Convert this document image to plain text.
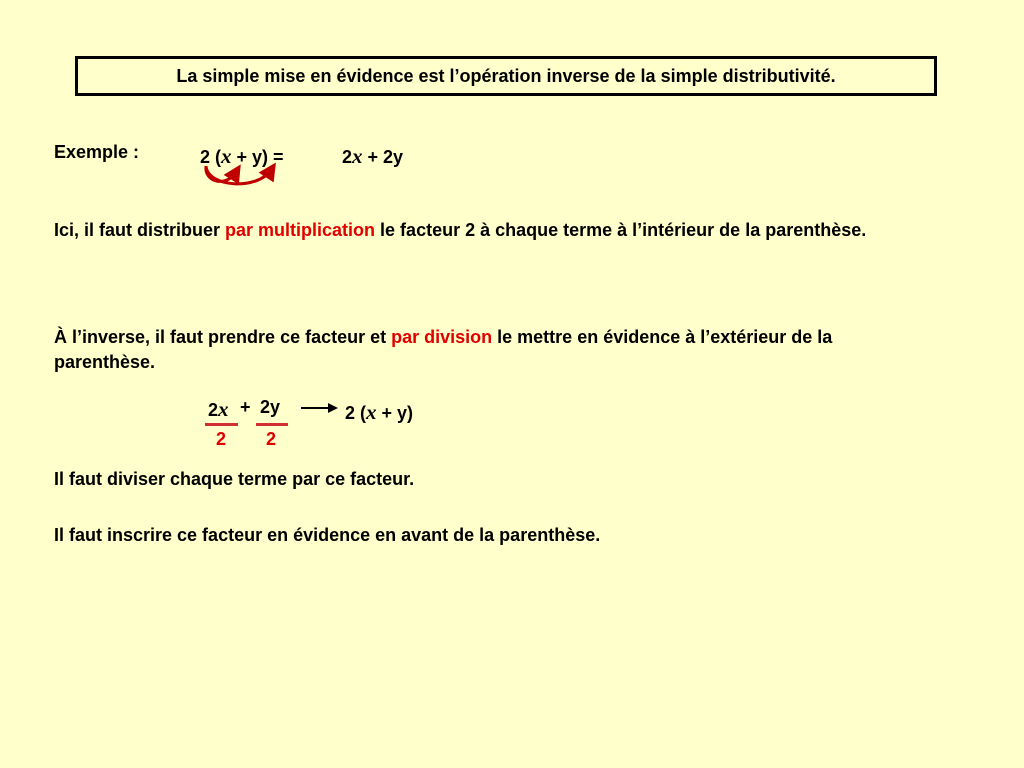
La simple mise en évidence est l’opération inverse de la simple distributivité.
Exemple :	2 (x + y) =	2x + 2y
Ici, il faut distribuer par multiplication le facteur 2 à chaque terme à l’intérieur de la parenthèse.
À l’inverse, il faut prendre ce facteur et par division le mettre en évidence à l’extérieur de la parenthèse.
2x + 2y
2 2
2 (x + y)
Il faut diviser chaque terme par ce facteur.
Il faut inscrire ce facteur en évidence en avant de la parenthèse.
